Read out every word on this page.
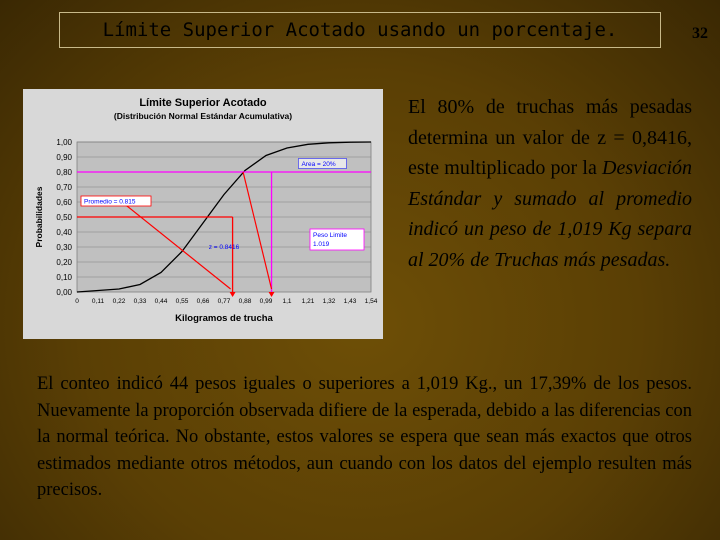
Límite Superior Acotado usando un porcentaje.	32
Límite Superior Acotado
(Distribución Normal Estándar Acumulativa)
0,00
0,10
0,20
0,30
0,40
0,50
0,60
0,70
0,80
0,90
1,00
0 0,11 0,22 0,33 0,44 0,55 0,66 0,77 0,88 0,99 1,1 1,21 1,32 1,43 1,54
Kilogramos de trucha
Probabilidades
Area = 20%
Promedio = 0.815
z = 0.8416
Peso Limite
1.019
El 80% de truchas más pesadas determina un valor de z = 0,8416, este multiplicado por la Desviación Estándar y sumado al promedio indicó un peso de 1,019 Kg separa al 20% de Truchas más pesadas.
El conteo indicó 44 pesos iguales o superiores a 1,019 Kg., un 17,39% de los pesos. Nuevamente la proporción observada difiere de la esperada, debido a las diferencias con la normal teórica. No obstante, estos valores se espera que sean más exactos que otros estimados mediante otros métodos, aun cuando con los datos del ejemplo resulten más precisos.
